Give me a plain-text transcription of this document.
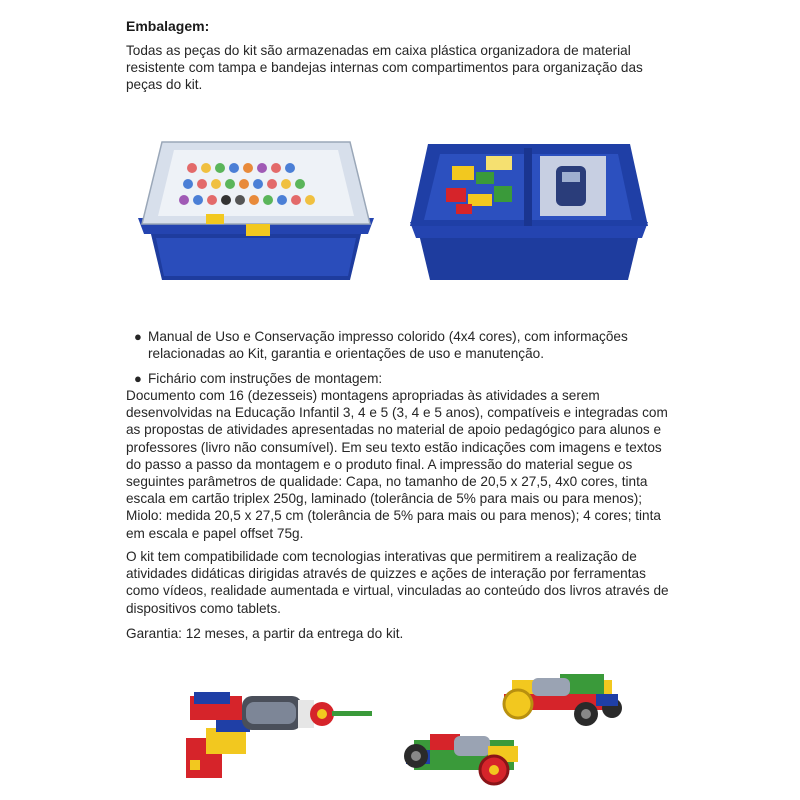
Embalagem:
Todas as peças do kit são armazenadas em caixa plástica organizadora de material resistente com tampa e bandejas internas com compartimentos para organização das peças do kit.
● Manual de Uso e Conservação impresso colorido (4x4 cores), com informações relacionadas ao Kit, garantia e orientações de uso e manutenção.
● Fichário com instruções de montagem:
Documento com 16 (dezesseis) montagens apropriadas às atividades a serem desenvolvidas na Educação Infantil 3, 4 e 5 (3, 4 e 5 anos), compatíveis e integradas com as propostas de atividades apresentadas no material de apoio pedagógico para alunos e professores (livro não consumível). Em seu texto estão indicações com imagens e textos do passo a passo da montagem e o produto final. A impressão do material segue os seguintes parâmetros de qualidade: Capa, no tamanho de 20,5 x 27,5, 4x0 cores, tinta escala em cartão triplex 250g, laminado (tolerância de 5% para mais ou para menos); Miolo: medida 20,5 x 27,5 cm (tolerância de 5% para mais ou para menos); 4 cores; tinta em escala e papel offset 75g.
O kit tem compatibilidade com tecnologias interativas que permitirem a realização de atividades didáticas dirigidas através de quizzes e ações de interação por ferramentas como vídeos, realidade aumentada e virtual, vinculadas ao conteúdo dos livros através de dispositivos como tablets.
Garantia: 12 meses, a partir da entrega do kit.
